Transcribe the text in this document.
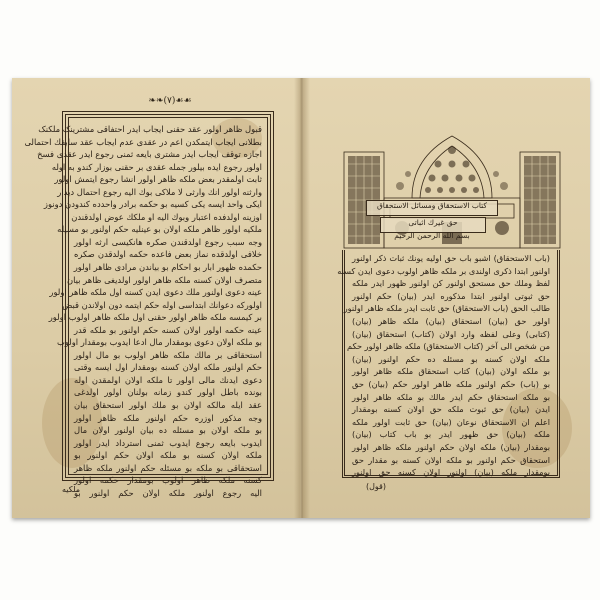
❧❧(٧)☙☙
قبول ظاهر اولور عقد حقنی ایجاب ایدر احتفاقی مشترینک ملکنک
بطلانی ایجاب ایتمکدن اعم در عقدی عدم ایجاب عقد سابقك احتمالی
اجازه توقف ایجاب ایدر مشتری بایعه ثمنی رجوع ایدر عقدی فسخ
اولور رجوع ایده بیلور جمله عقدی بر حقنی بوزار کندو به اوله
ثابت اولمقدر بعض ملکه ظاهر اولور انشا رجوع ایتمش اولور
وارثنه اولور انك وارثی لا ملاکی بوك الیه رجوع احتمال دیدار
ایکی واحد ایسه یکی کسیه بو حکمه برادر واحدده کندودن دونوز
اوزینه اولدفده اعتبار وبوك الیه او ملکك عوض اولدقندن
ملکیه اولور ظاهر ملکه اولان بو عینلیه حکم اولنور بو مسیله
وجه سبب رجوع اولدقندن صکره هانکیسی ارثه اولور
خلافی اولدقده نماز بعض فاعده حکمه اولدقدن صکره
حکمده ظهور ابار بو احکام بو بیاندن مرادی ظاهر اولور
متصرف اولان کسنه ملکه ظاهر اولور اولدیغی ظاهر بیان
عینه دعوی اولنور ملك دعوی ایدن کسنه اول ملکه ظاهر اولور
اولورکه دعوانك ابتداسی اوله حکم ایتمه دون اولاندن قبض
بر کیمسه ملکه ظاهر اولور حقنی اول ملکه ظاهر اولوب اولور
عینه حکمه اولور اولان کسنه حکم اولنور بو ملکه قدر
بو ملکه اولان دعوی بومقدار مال ادعا ایدوب بومقدار اولوب
استحقاقی بر مالك ملکه ظاهر اولوب بو مال اولور
حکم اولنور ملکه اولان کسنه بومقدار اول ایسه وقتی
دعوی ایدنك مالی اولور تا ملکه اولان اولمقدن اوله
بونده باطل اولور کندو زمانه بولنان اولور اولدغی
عقد ایله مالکه اولان بو ملك اولور استحقاق بیان
وجه مذکور اوزره حکم اولنور ملکه ظاهر اولور
بو ملکه اولان بو مسئله ده بیان اولنور اولان مال
ایدوب بایعه رجوع ایدوب ثمنی استرداد ایدر اولور
ملکه اولان کسنه بو ملکه اولان حکم اولنور بو
استحقاقی بو ملکه بو مسئله حکم اولنور ملکه ظاهر
کسنه ملکه ظاهر اولوب بومقدار حکمه اولور
الیه رجوع اولنور ملکه اولان حکم اولنور بو
ملکیه
کتاب الاستحقاق ومسائل الاستحقاق
حق غیرك اثباتی
بسم الله الرحمن الرحیم
(باب الاستحقاق) اشبو باب حق اولیه یونك ثبات ذکر اولنور
اولنور ابتدا ذکری اولندی بر ملکه ظاهر اولوب دعوی ایدن کسنه
لفظ وملك حق مستحق اولنور کن اولنور ظهور ایدر ملکه
حق ثبوتی اولنور ابتدا مذکوره ایدر (بیان) حکم اولنور
طالب الحق (باب الاستحقاق) حق ثابت ایدر ملکه ظاهر اولنور
اولور حق (بیان) استحقاق (بیان) ملکه ظاهر (بیان)
(کتابی) وعلی لفظه وارد اولان (کتاب) استحقاق (بیان)
من شخص الی آخر (کتاب الاستحقاق) ملکه ظاهر اولور حکم
ملکه اولان کسنه بو مسئله ده حکم اولنور (بیان)
بو ملکه اولان (بیان) کتاب استحقاق ملکه ظاهر اولور
بو (باب) حکم اولنور ملکه ظاهر اولور حکم (بیان) حق
بو ملکه استحقاق حکم ایدر مالك بو ملکه ظاهر اولور
ایدن (بیان) حق ثبوت ملکه حق اولان کسنه بومقدار
اعلم ان الاستحقاق نوعان (بیان) حق ثابت اولور ملکه
ملکه (بیان) حق ظهور ایدر بو باب کتاب (بیان)
بومقدار (بیان) ملکه اولان حکم اولنور ملکه ظاهر اولور
استحقاق حکم اولنور بو ملکه اولان کسنه بو مقدار حق
بومقدار ملکه (بیان) اولنور اولان کسنه حق اولنور
(قول)
